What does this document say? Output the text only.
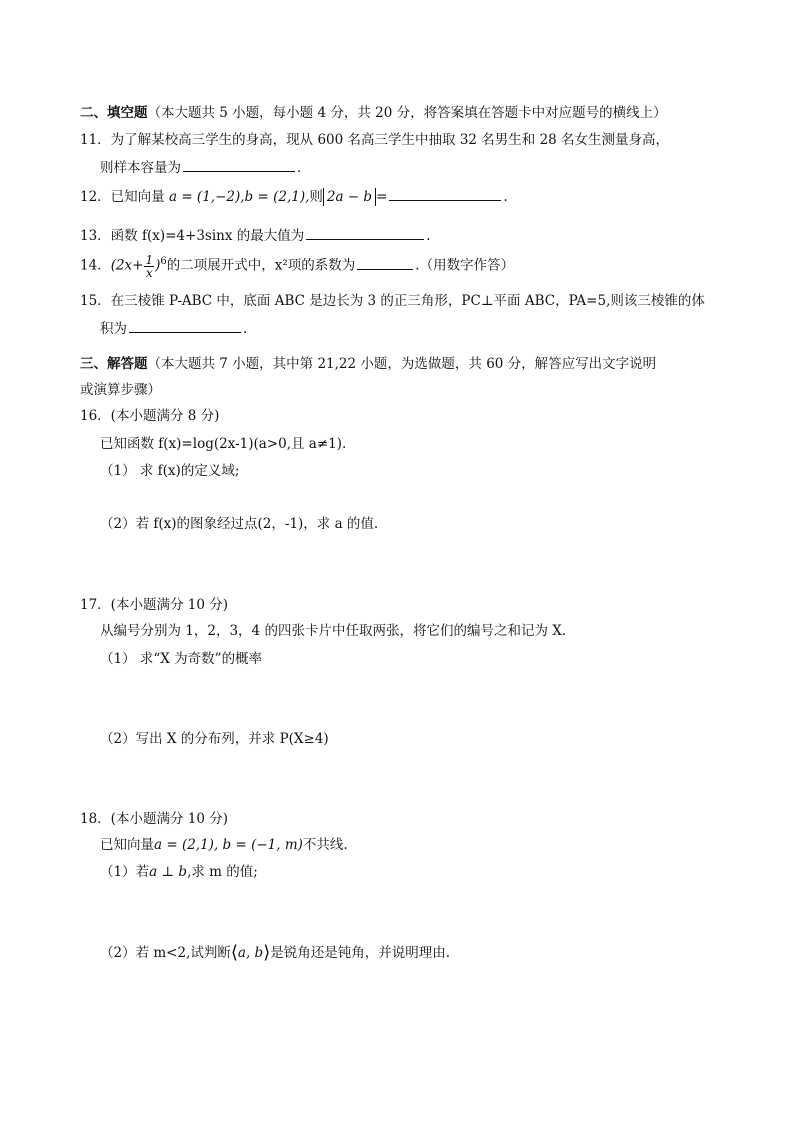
二、填空题（本大题共 5 小题，每小题 4 分，共 20 分，将答案填在答题卡中对应题号的横线上）
11．为了解某校高三学生的身高，现从 600 名高三学生中抽取 32 名男生和 28 名女生测量身高，
则样本容量为	．
12．已知向量 a = (1,−2),b = (2,1),则 2a − b =	.
13．函数 f(x)=4+3sinx 的最大值为	.
14．$(2x+ \frac{1}{x} )^6$的二项展开式中，x²项的系数为	.（用数字作答）
15．在三棱锥 P-ABC 中，底面 ABC 是边长为 3 的正三角形，PC⊥平面 ABC，PA=5,则该三棱锥的体
积为	.
三、解答题（本大题共 7 小题，其中第 21,22 小题，为选做题，共 60 分，解答应写出文字说明
或演算步骤）
16．(本小题满分 8 分)
已知函数 f(x)=log(2x-1)(a>0,且 a≠1).
（1） 求 f(x)的定义域;
（2）若 f(x)的图象经过点(2，-1)，求 a 的值.
17．(本小题满分 10 分)
从编号分别为 1，2，3，4 的四张卡片中任取两张，将它们的编号之和记为 X.
（1） 求“X 为奇数”的概率
（2）写出 X 的分布列，并求 P(X≥4)
18．(本小题满分 10 分)
已知向量a = (2,1), b = (−1, m)不共线.
（1）若a ⊥ b,求 m 的值;
（2）若 m<2,试判断⟨a, b⟩是锐角还是钝角，并说明理由.
